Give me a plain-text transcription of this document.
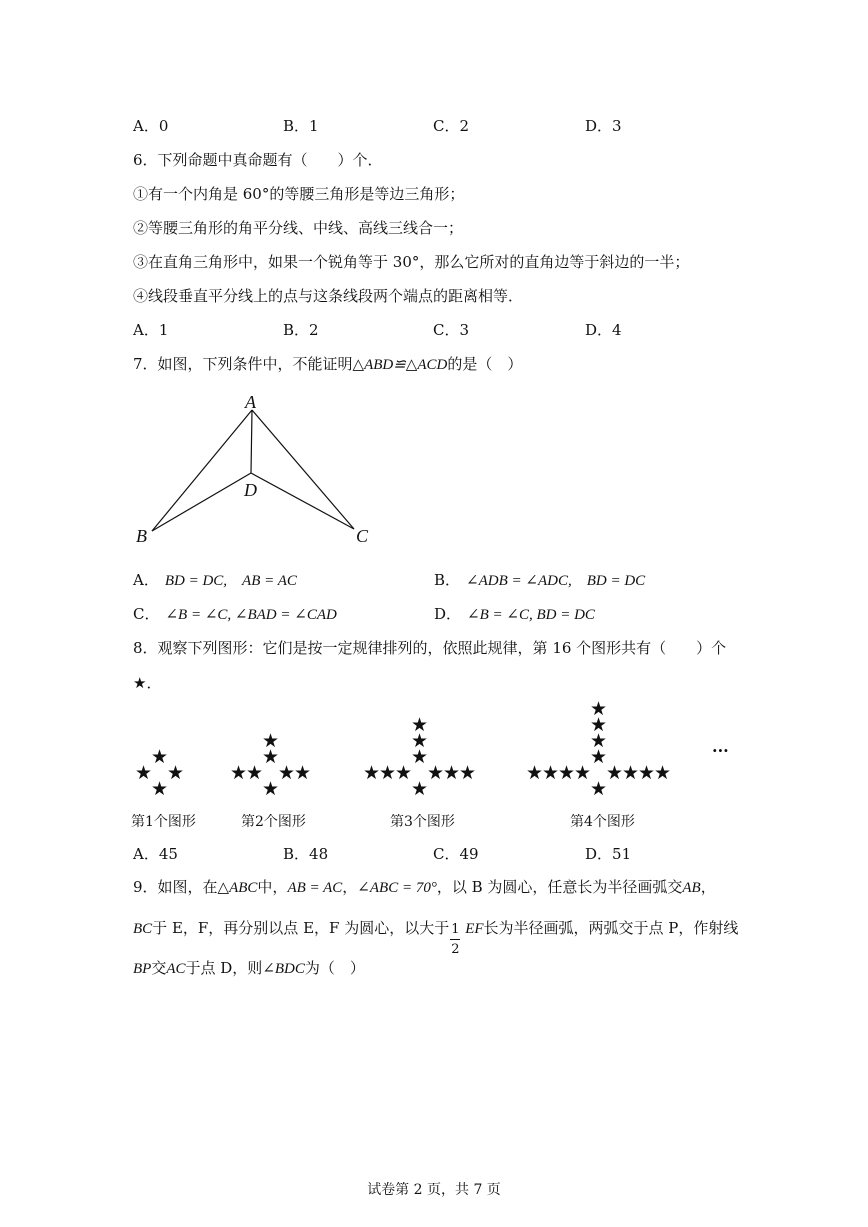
A．0	B．1	C．2	D．3
6．下列命题中真命题有（　　）个．
①有一个内角是 60°的等腰三角形是等边三角形；
②等腰三角形的角平分线、中线、高线三线合一；
③在直角三角形中，如果一个锐角等于 30°，那么它所对的直角边等于斜边的一半；
④线段垂直平分线上的点与这条线段两个端点的距离相等．
A．1	B．2	C．3	D．4
7．如图，下列条件中，不能证明△ABD≌△ACD的是（　）
A
D
B	C
A． BD = DC,　AB = AC	B． ∠ADB = ∠ADC,　BD = DC
C． ∠B = ∠C, ∠BAD = ∠CAD	D． ∠B = ∠C, BD = DC
8．观察下列图形：它们是按一定规律排列的，依照此规律，第 16 个图形共有（　　）个
★．
★ ★
★
★
★ ★
★
★ ★
★
★
★ ★
★
★ ★
★
★	★
★
★
★ ★
★
★ ★
★
★	★
★
★	★
★
★
···
第1个图形	第2个图形	第3个图形	第4个图形
A．45	B．48	C．49	D．51
9．如图，在△ABC中，AB = AC，∠ABC = 70°，以 B 为圆心，任意长为半径画弧交AB，
BC于 E，F，再分别以点 E，F 为圆心，以大于
$\frac{1}{2}$
EF长为半径画弧，两弧交于点 P，作射线
BP交AC于点 D，则∠BDC为（　）
试卷第 2 页，共 7 页
